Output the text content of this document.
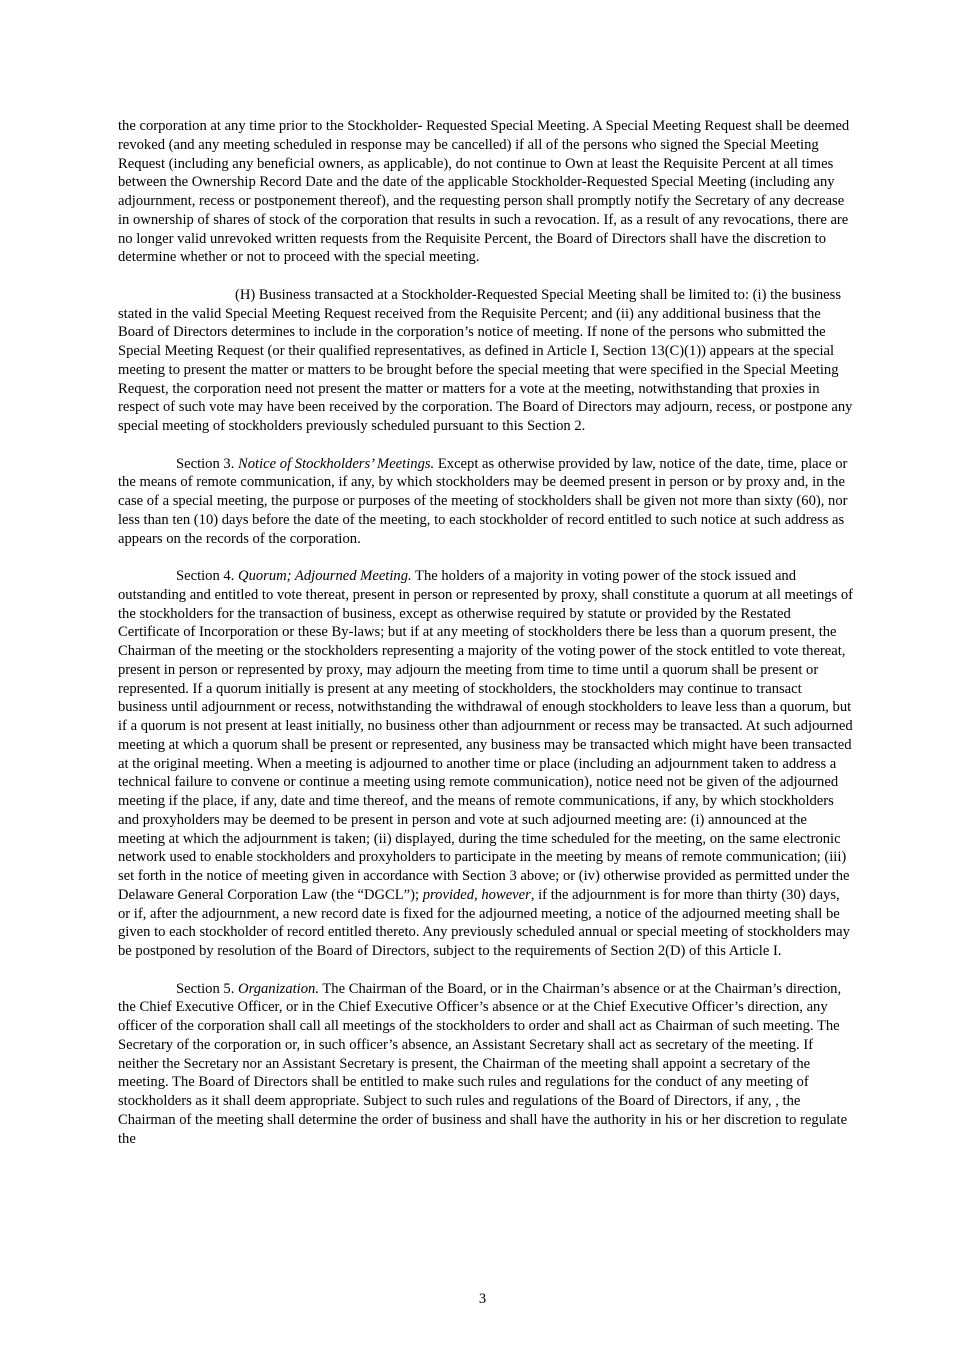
the corporation at any time prior to the Stockholder- Requested Special Meeting. A Special Meeting Request shall be deemed revoked (and any meeting scheduled in response may be cancelled) if all of the persons who signed the Special Meeting Request (including any beneficial owners, as applicable), do not continue to Own at least the Requisite Percent at all times between the Ownership Record Date and the date of the applicable Stockholder-Requested Special Meeting (including any adjournment, recess or postponement thereof), and the requesting person shall promptly notify the Secretary of any decrease in ownership of shares of stock of the corporation that results in such a revocation. If, as a result of any revocations, there are no longer valid unrevoked written requests from the Requisite Percent, the Board of Directors shall have the discretion to determine whether or not to proceed with the special meeting.

(H) Business transacted at a Stockholder-Requested Special Meeting shall be limited to: (i) the business stated in the valid Special Meeting Request received from the Requisite Percent; and (ii) any additional business that the Board of Directors determines to include in the corporation’s notice of meeting. If none of the persons who submitted the Special Meeting Request (or their qualified representatives, as defined in Article I, Section 13(C)(1)) appears at the special meeting to present the matter or matters to be brought before the special meeting that were specified in the Special Meeting Request, the corporation need not present the matter or matters for a vote at the meeting, notwithstanding that proxies in respect of such vote may have been received by the corporation. The Board of Directors may adjourn, recess, or postpone any special meeting of stockholders previously scheduled pursuant to this Section 2.

Section 3. Notice of Stockholders’ Meetings. Except as otherwise provided by law, notice of the date, time, place or the means of remote communication, if any, by which stockholders may be deemed present in person or by proxy and, in the case of a special meeting, the purpose or purposes of the meeting of stockholders shall be given not more than sixty (60), nor less than ten (10) days before the date of the meeting, to each stockholder of record entitled to such notice at such address as appears on the records of the corporation.

Section 4. Quorum; Adjourned Meeting. The holders of a majority in voting power of the stock issued and outstanding and entitled to vote thereat, present in person or represented by proxy, shall constitute a quorum at all meetings of the stockholders for the transaction of business, except as otherwise required by statute or provided by the Restated Certificate of Incorporation or these By-laws; but if at any meeting of stockholders there be less than a quorum present, the Chairman of the meeting or the stockholders representing a majority of the voting power of the stock entitled to vote thereat, present in person or represented by proxy, may adjourn the meeting from time to time until a quorum shall be present or represented. If a quorum initially is present at any meeting of stockholders, the stockholders may continue to transact business until adjournment or recess, notwithstanding the withdrawal of enough stockholders to leave less than a quorum, but if a quorum is not present at least initially, no business other than adjournment or recess may be transacted. At such adjourned meeting at which a quorum shall be present or represented, any business may be transacted which might have been transacted at the original meeting. When a meeting is adjourned to another time or place (including an adjournment taken to address a technical failure to convene or continue a meeting using remote communication), notice need not be given of the adjourned meeting if the place, if any, date and time thereof, and the means of remote communications, if any, by which stockholders and proxyholders may be deemed to be present in person and vote at such adjourned meeting are: (i) announced at the meeting at which the adjournment is taken; (ii) displayed, during the time scheduled for the meeting, on the same electronic network used to enable stockholders and proxyholders to participate in the meeting by means of remote communication; (iii) set forth in the notice of meeting given in accordance with Section 3 above; or (iv) otherwise provided as permitted under the Delaware General Corporation Law (the “DGCL”); provided, however, if the adjournment is for more than thirty (30) days, or if, after the adjournment, a new record date is fixed for the adjourned meeting, a notice of the adjourned meeting shall be given to each stockholder of record entitled thereto. Any previously scheduled annual or special meeting of stockholders may be postponed by resolution of the Board of Directors, subject to the requirements of Section 2(D) of this Article I.

Section 5. Organization. The Chairman of the Board, or in the Chairman’s absence or at the Chairman’s direction, the Chief Executive Officer, or in the Chief Executive Officer’s absence or at the Chief Executive Officer’s direction, any officer of the corporation shall call all meetings of the stockholders to order and shall act as Chairman of such meeting. The Secretary of the corporation or, in such officer’s absence, an Assistant Secretary shall act as secretary of the meeting. If neither the Secretary nor an Assistant Secretary is present, the Chairman of the meeting shall appoint a secretary of the meeting. The Board of Directors shall be entitled to make such rules and regulations for the conduct of any meeting of stockholders as it shall deem appropriate. Subject to such rules and regulations of the Board of Directors, if any, , the Chairman of the meeting shall determine the order of business and shall have the authority in his or her discretion to regulate the

3
